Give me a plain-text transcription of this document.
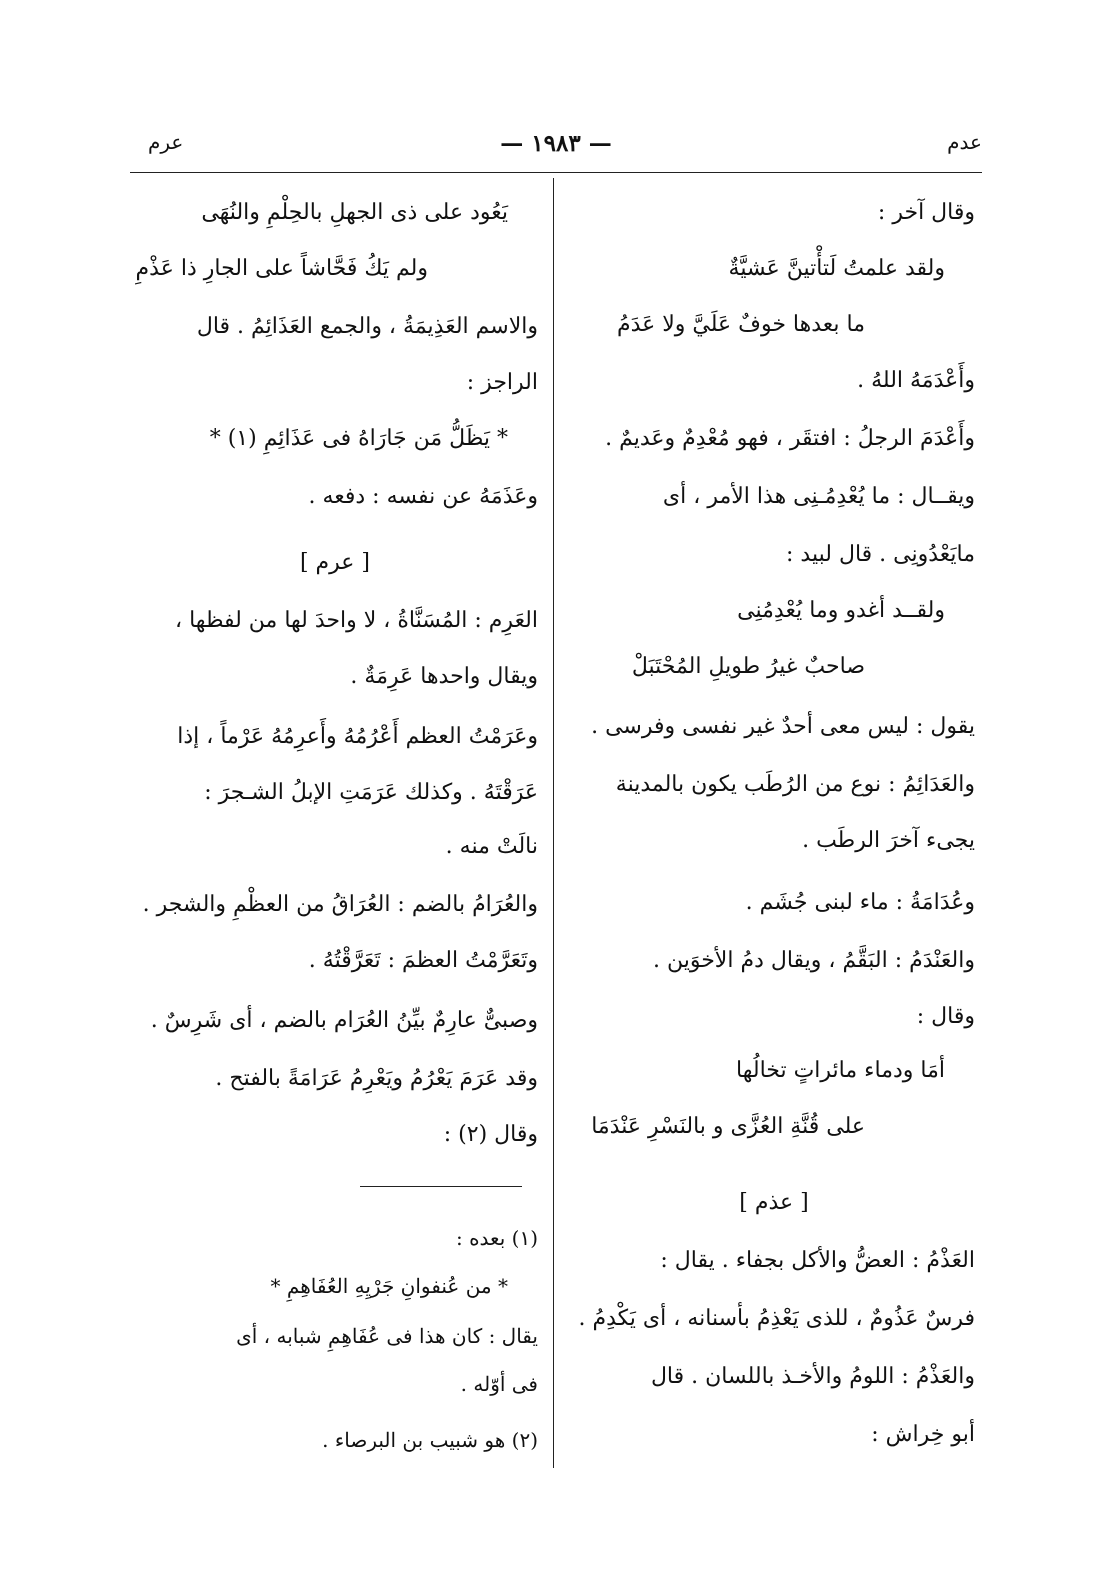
عدم
— ١٩٨٣ —
عرم
وقال آخر :
ولقد علمتُ لَتأْتينَّ عَشيَّةٌ
ما بعدها خوفٌ عَلَيَّ ولا عَدَمُ
وأَعْدَمَهُ اللهُ .
وأَعْدَمَ الرجلُ : افتقَر ، فهو مُعْدِمٌ وعَديمٌ .
ويقــال : ما يُعْدِمُـنِى هذا الأمر ، أى
مايَعْدُونِى . قال لبيد :
ولقــد أغدو وما يُعْدِمُنِى
صاحبٌ غيرُ طويلِ المُحْتَبَلْ
يقول : ليس معى أحدٌ غير نفسى وفرسى .
والعَدَائِمُ : نوع من الرُطَب يكون بالمدينة
يجىء آخرَ الرطَب .
وعُدَامَةُ : ماء لبنى جُشَم .
والعَنْدَمُ : البَقَّمُ ، ويقال دمُ الأخوَين .
وقال :
أمَا ودماء مائراتٍ تخالُها
على قُنَّةِ العُزَّى و بالنَسْرِ عَنْدَمَا
[ عذم ]
العَذْمُ : العضُّ والأكل بجفاء . يقال :
فرسٌ عَذُومٌ ، للذى يَعْذِمُ بأسنانه ، أى يَكْدِمُ .
والعَذْمُ : اللومُ والأخـذ باللسان . قال
أبو خِراش :
يَعُود على ذى الجهلِ بالحِلْمِ والنُهَى
ولم يَكُ فَحَّاشاً على الجارِ ذا عَذْمِ
والاسم العَذِيمَةُ ، والجمع العَذَائِمُ . قال
الراجز :
* يَظَلُّ مَن جَارَاهُ فى عَذَائِمِ (١) *
وعَذَمَهُ عن نفسه : دفعه .
[ عرم ]
العَرِم : المُسَنَّاةُ ، لا واحدَ لها من لفظها ،
ويقال واحدها عَرِمَةٌ .
وعَرَمْتُ العظم أَعْرُمُهُ وأَعرِمُهُ عَرْماً ، إذا
عَرَقْتَهُ . وكذلك عَرَمَتِ الإبلُ الشـجرَ :
نالَتْ منه .
والعُرَامُ بالضم : العُرَاقُ من العظْمِ والشجر .
وتَعَرَّمْتُ العظمَ : تَعَرَّقْتُهُ .
وصبىٌّ عارِمٌ بيِّنُ العُرَام بالضم ، أى شَرِسٌ .
وقد عَرَمَ يَعْرُمُ ويَعْرِمُ عَرَامَةً بالفتح .
وقال (٢) :
(١) بعده :
* من عُنفوانِ جَرْيِهِ العُفَاهِمِ *
يقال : كان هذا فى عُفَاهِمِ شبابه ، أى
فى أوّله .
(٢) هو شبيب بن البرصاء .
